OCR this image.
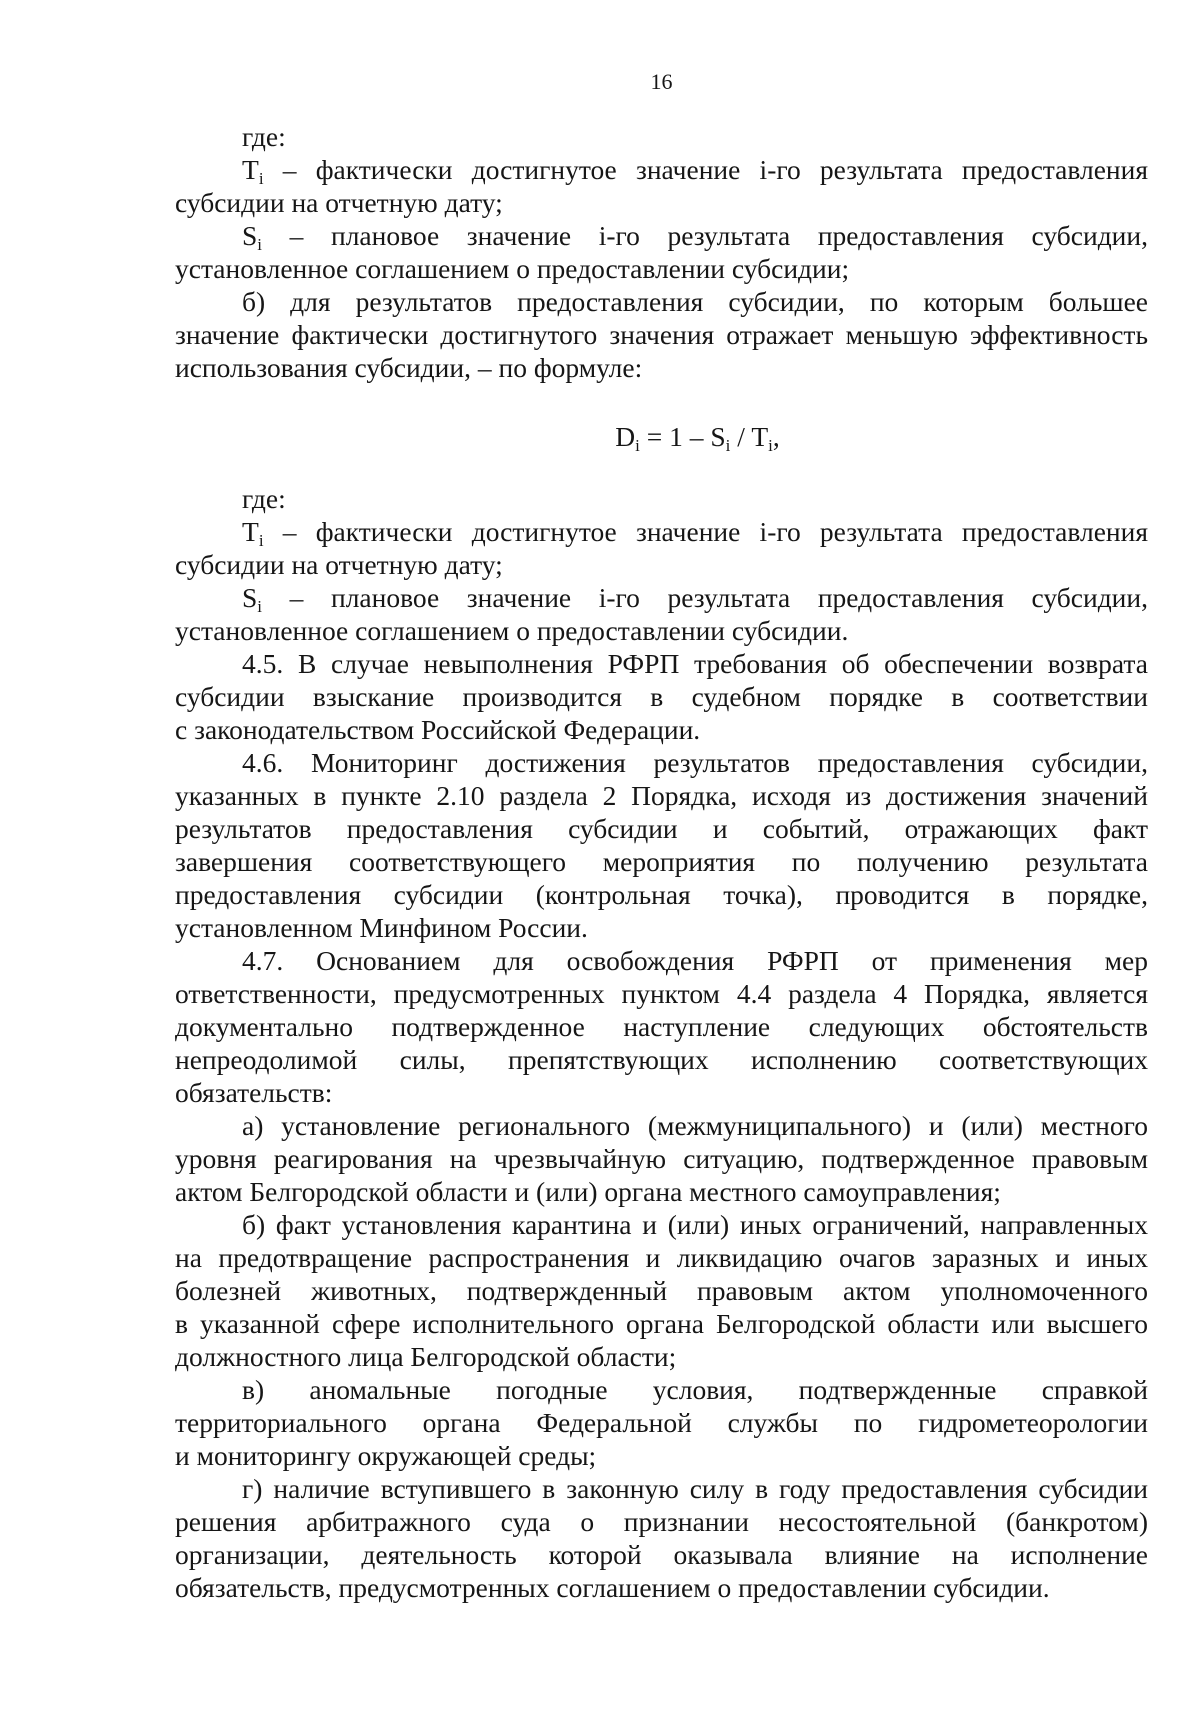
16
где:
$T_i$ – фактически достигнутое значение i-го результата предоставления
субсидии на отчетную дату;
$S_i$ – плановое значение i-го результата предоставления субсидии,
установленное соглашением о предоставлении субсидии;
б) для результатов предоставления субсидии, по которым большее
значение фактически достигнутого значения отражает меньшую эффективность
использования субсидии, – по формуле:
$D_i = 1 - S_i / T_i$,
где:
$T_i$ – фактически достигнутое значение i-го результата предоставления
субсидии на отчетную дату;
$S_i$ – плановое значение i-го результата предоставления субсидии,
установленное соглашением о предоставлении субсидии.
4.5. В случае невыполнения РФРП требования об обеспечении возврата
субсидии взыскание производится в судебном порядке в соответствии
с законодательством Российской Федерации.
4.6. Мониторинг достижения результатов предоставления субсидии,
указанных в пункте 2.10 раздела 2 Порядка, исходя из достижения значений
результатов предоставления субсидии и событий, отражающих факт
завершения соответствующего мероприятия по получению результата
предоставления субсидии (контрольная точка), проводится в порядке,
установленном Минфином России.
4.7. Основанием для освобождения РФРП от применения мер
ответственности, предусмотренных пунктом 4.4 раздела 4 Порядка, является
документально подтвержденное наступление следующих обстоятельств
непреодолимой силы, препятствующих исполнению соответствующих
обязательств:
а) установление регионального (межмуниципального) и (или) местного
уровня реагирования на чрезвычайную ситуацию, подтвержденное правовым
актом Белгородской области и (или) органа местного самоуправления;
б) факт установления карантина и (или) иных ограничений, направленных
на предотвращение распространения и ликвидацию очагов заразных и иных
болезней животных, подтвержденный правовым актом уполномоченного
в указанной сфере исполнительного органа Белгородской области или высшего
должностного лица Белгородской области;
в) аномальные погодные условия, подтвержденные справкой
территориального органа Федеральной службы по гидрометеорологии
и мониторингу окружающей среды;
г) наличие вступившего в законную силу в году предоставления субсидии
решения арбитражного суда о признании несостоятельной (банкротом)
организации, деятельность которой оказывала влияние на исполнение
обязательств, предусмотренных соглашением о предоставлении субсидии.
